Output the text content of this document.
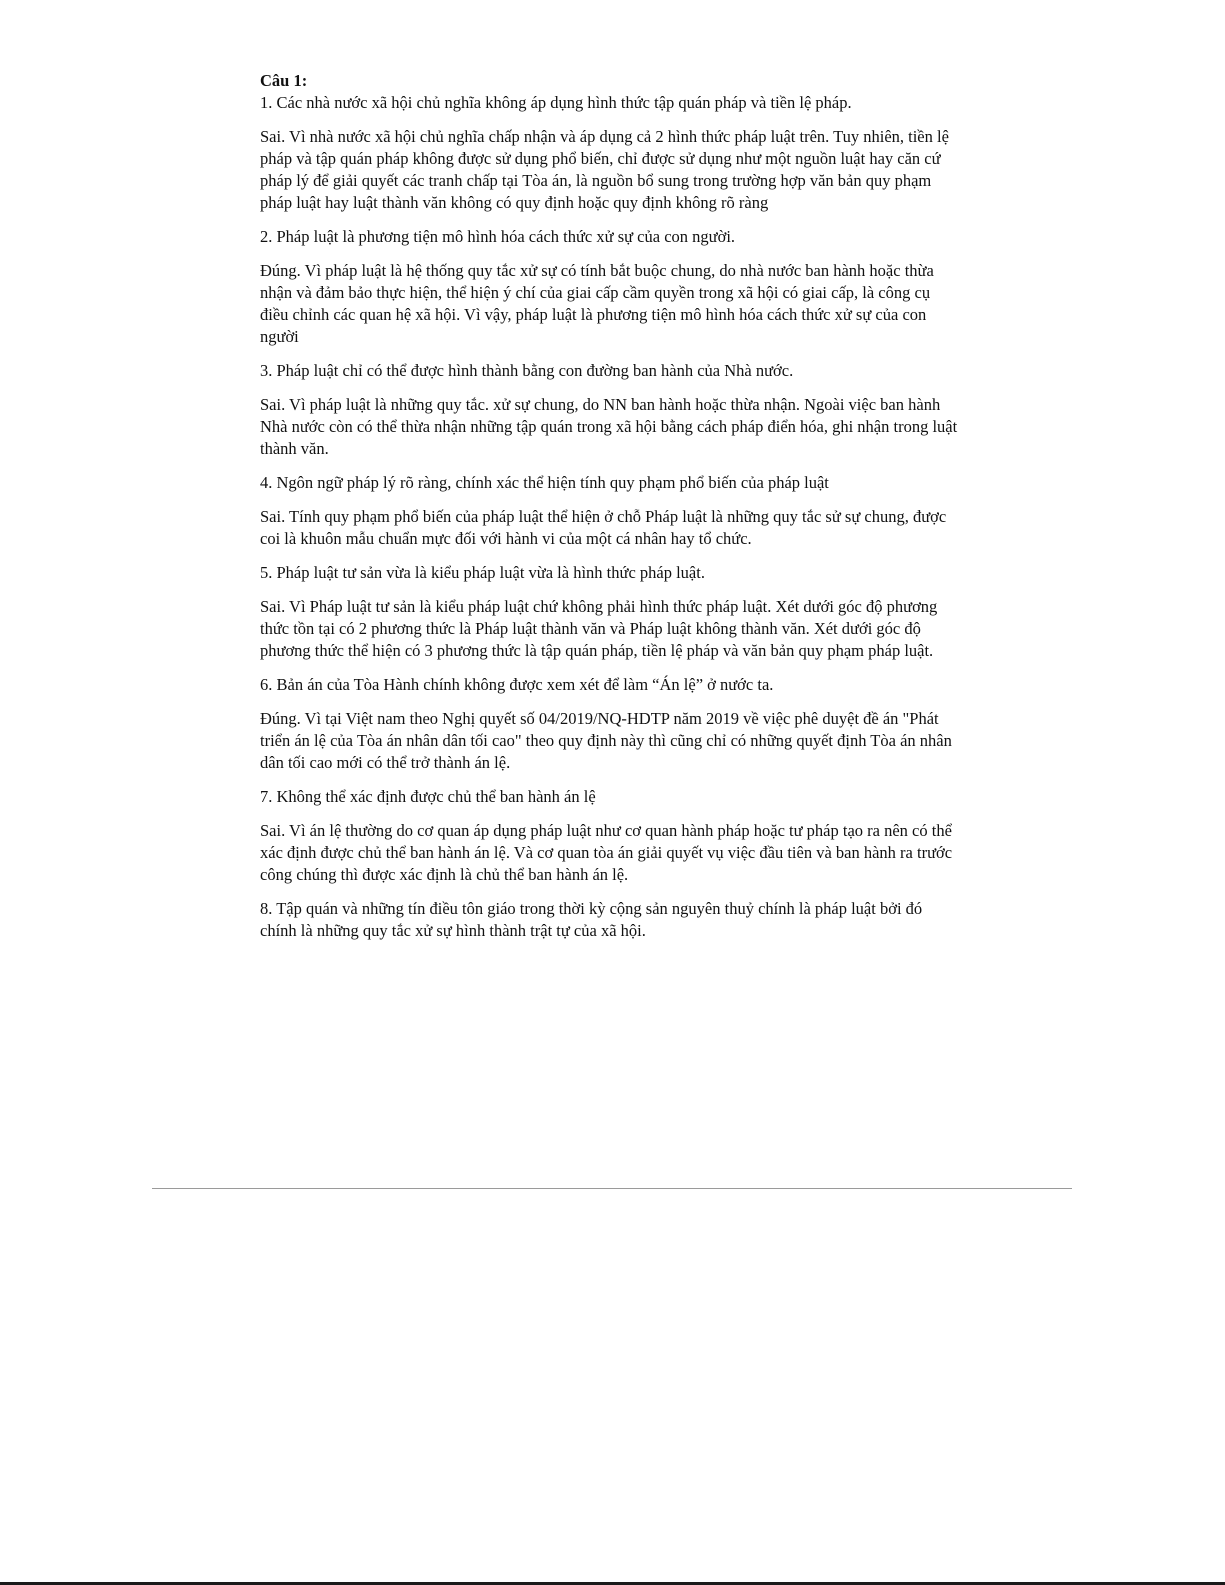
Câu 1:

1. Các nhà nước xã hội chủ nghĩa không áp dụng hình thức tập quán pháp và tiền lệ pháp.

Sai. Vì nhà nước xã hội chủ nghĩa chấp nhận và áp dụng cả 2 hình thức pháp luật trên. Tuy nhiên, tiền lệ pháp và tập quán pháp không được sử dụng phổ biến, chỉ được sử dụng như một nguồn luật hay căn cứ pháp lý để giải quyết các tranh chấp tại Tòa án, là nguồn bổ sung trong trường hợp văn bản quy phạm pháp luật hay luật thành văn không có quy định hoặc quy định không rõ ràng

2. Pháp luật là phương tiện mô hình hóa cách thức xử sự của con người.

Đúng. Vì pháp luật là hệ thống quy tắc xử sự có tính bắt buộc chung, do nhà nước ban hành hoặc thừa nhận và đảm bảo thực hiện, thể hiện ý chí của giai cấp cầm quyền trong xã hội có giai cấp, là công cụ điều chỉnh các quan hệ xã hội. Vì vậy, pháp luật là phương tiện mô hình hóa cách thức xử sự của con người

3. Pháp luật chỉ có thể được hình thành bằng con đường ban hành của Nhà nước.

Sai. Vì pháp luật là những quy tắc. xử sự chung, do NN ban hành hoặc thừa nhận. Ngoài việc ban hành Nhà nước còn có thể thừa nhận những tập quán trong xã hội bằng cách pháp điển hóa, ghi nhận trong luật thành văn.

4. Ngôn ngữ pháp lý rõ ràng, chính xác thể hiện tính quy phạm phổ biến của pháp luật

Sai. Tính quy phạm phổ biến của pháp luật thể hiện ở chỗ Pháp luật là những quy tắc sử sự chung, được coi là khuôn mẫu chuẩn mực đối với hành vi của một cá nhân hay tổ chức.

5. Pháp luật tư sản vừa là kiểu pháp luật vừa là hình thức pháp luật.

Sai. Vì Pháp luật tư sản là kiểu pháp luật chứ không phải hình thức pháp luật. Xét dưới góc độ phương thức tồn tại có 2 phương thức là Pháp luật thành văn và Pháp luật không thành văn. Xét dưới góc độ phương thức thể hiện có 3 phương thức là tập quán pháp, tiền lệ pháp và văn bản quy phạm pháp luật.

6. Bản án của Tòa Hành chính không được xem xét để làm “Án lệ” ở nước ta.

Đúng. Vì tại Việt nam theo Nghị quyết số 04/2019/NQ-HDTP năm 2019 về việc phê duyệt đề án "Phát triển án lệ của Tòa án nhân dân tối cao" theo quy định này thì cũng chỉ có những quyết định Tòa án nhân dân tối cao mới có thể trở thành án lệ.

7. Không thể xác định được chủ thể ban hành án lệ

Sai. Vì án lệ thường do cơ quan áp dụng pháp luật như cơ quan hành pháp hoặc tư pháp tạo ra nên có thể xác định được chủ thể ban hành án lệ. Và cơ quan tòa án giải quyết vụ việc đầu tiên và ban hành ra trước công chúng thì được xác định là chủ thể ban hành án lệ.

8. Tập quán và những tín điều tôn giáo trong thời kỳ cộng sản nguyên thuỷ chính là pháp luật bởi đó chính là những quy tắc xử sự hình thành trật tự của xã hội.
